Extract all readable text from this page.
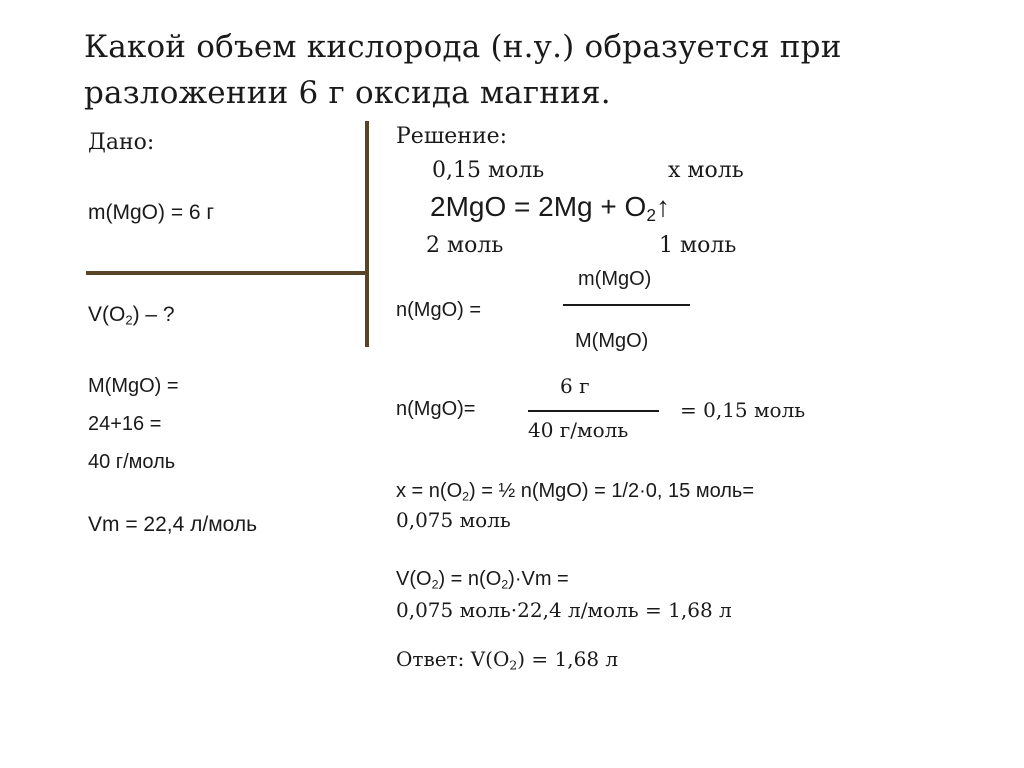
Какой объем кислорода (н.у.) образуется при
разложении 6 г оксида магния.
Дано:
m(MgO) = 6 г
$V(O_2)$ – ?
M(MgO) =
24+16 =
40 г/моль
Vm = 22,4 л/моль
Решение:
0,15 моль	x моль
$2MgO = 2Mg + O_2↑$
2 моль	1 моль
n(MgO) =
m(MgO)
M(MgO)
n(MgO)=
6 г
40 г/моль
= 0,15 моль
$x = n(O_2)$ = ½ n(MgO) = 1/2·0, 15 моль=
0,075 моль
$V(O_2) = n(O_2)\cdot Vm$ =
0,075 моль·22,4 л/моль = 1,68 л
Ответ: $V(O_2) = 1,68$ л
